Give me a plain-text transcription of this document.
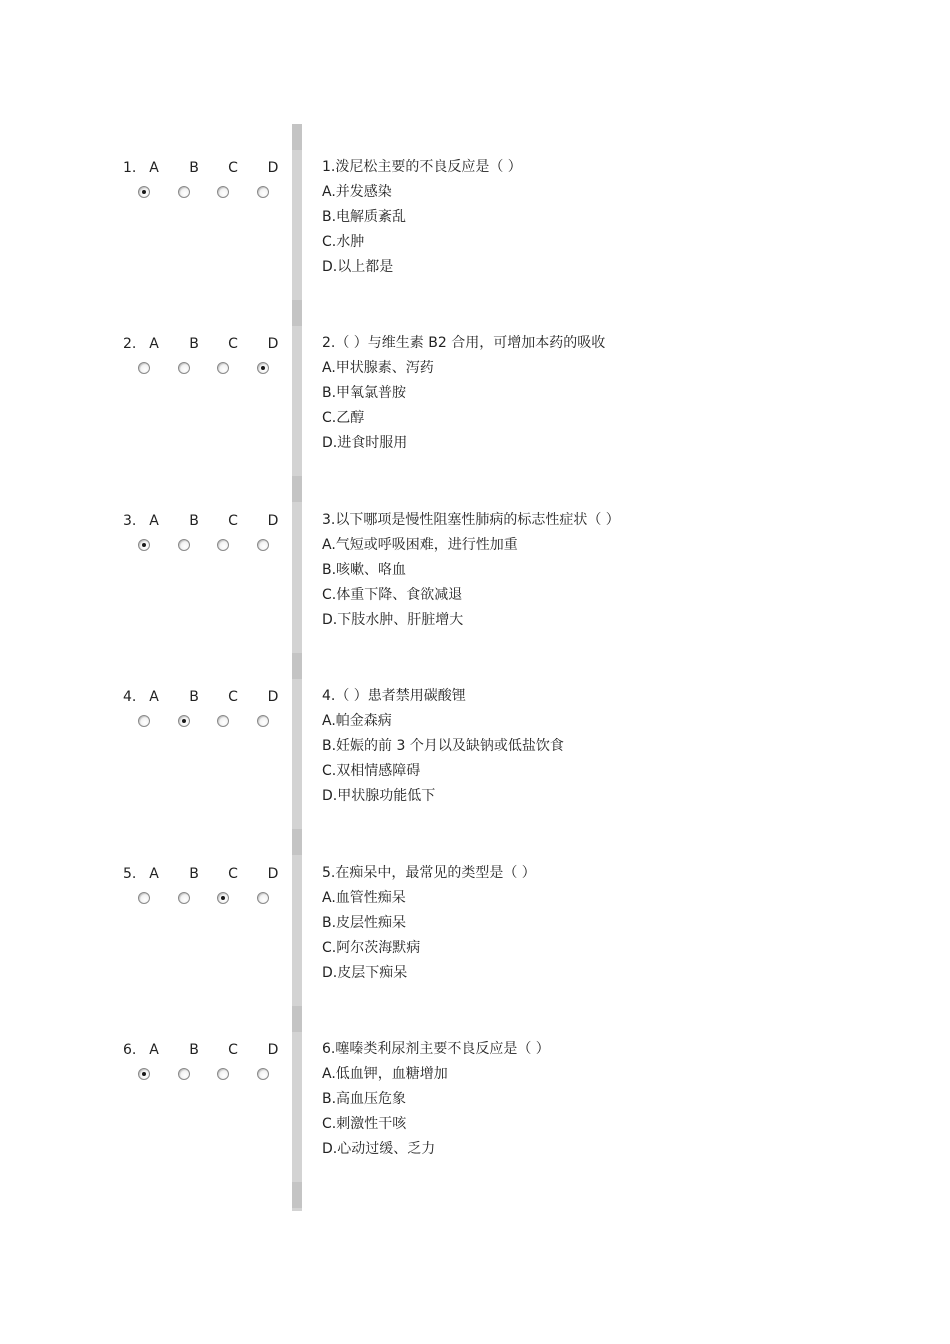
1. A B C D	1.泼尼松主要的不良反应是（ ）
A.并发感染
B.电解质紊乱
C.水肿
D.以上都是
2. A B C D	2.（ ）与维生素 B2 合用，可增加本药的吸收
A.甲状腺素、泻药
B.甲氧氯普胺
C.乙醇
D.进食时服用
3. A B C D	3.以下哪项是慢性阻塞性肺病的标志性症状（ ）
A.气短或呼吸困难，进行性加重
B.咳嗽、咯血
C.体重下降、食欲减退
D.下肢水肿、肝脏增大
4. A B C D	4.（ ）患者禁用碳酸锂
A.帕金森病
B.妊娠的前 3 个月以及缺钠或低盐饮食
C.双相情感障碍
D.甲状腺功能低下
5. A B C D	5.在痴呆中，最常见的类型是（ ）
A.血管性痴呆
B.皮层性痴呆
C.阿尔茨海默病
D.皮层下痴呆
6. A B C D	6.噻嗪类利尿剂主要不良反应是（ ）
A.低血钾，血糖增加
B.高血压危象
C.刺激性干咳
D.心动过缓、乏力
